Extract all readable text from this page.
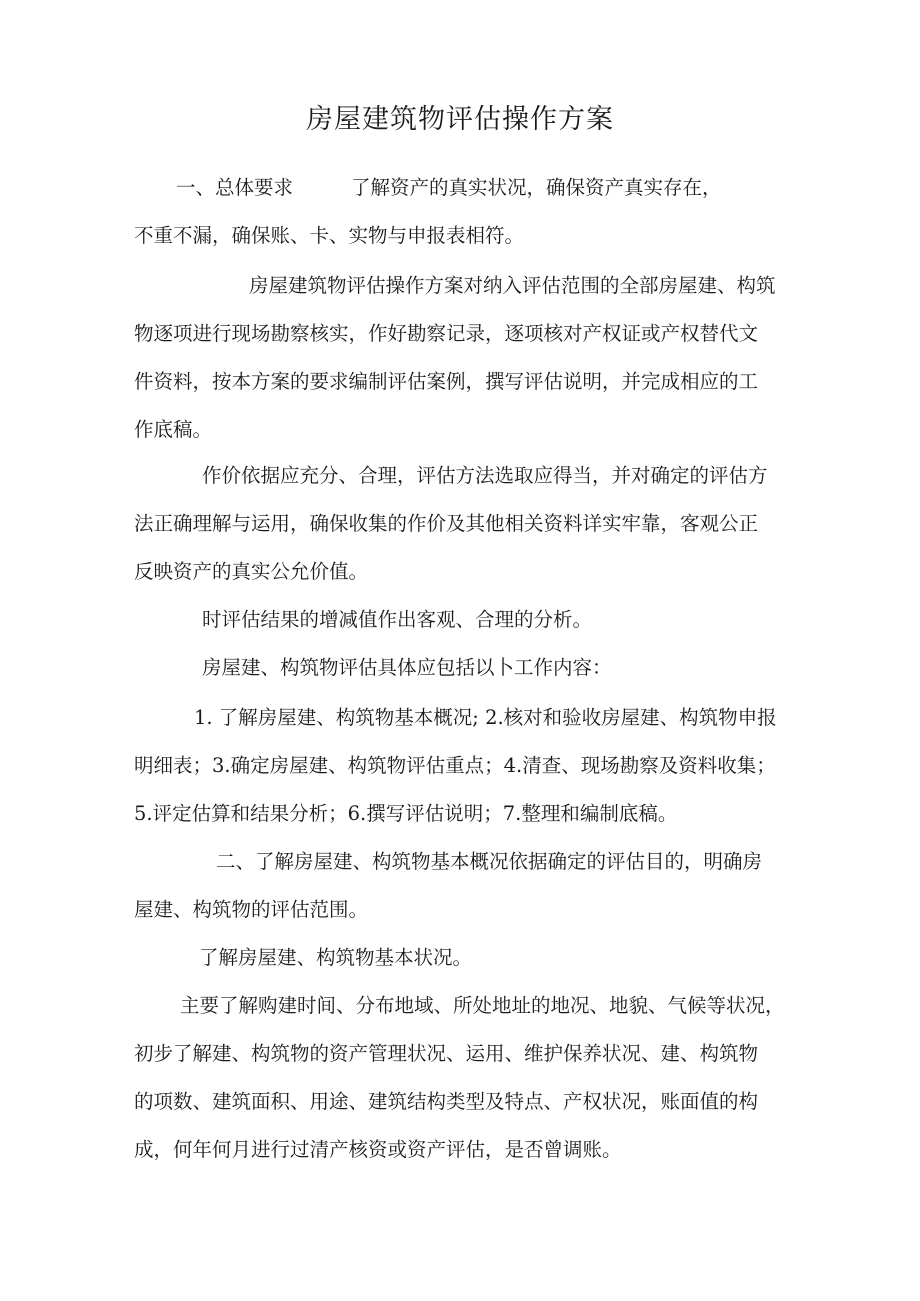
房屋建筑物评估操作方案
一、总体要求	了解资产的真实状况，确保资产真实存在，
不重不漏，确保账、卡、实物与申报表相符。
房屋建筑物评估操作方案对纳入评估范围的全部房屋建、构筑
物逐项进行现场勘察核实，作好勘察记录，逐项核对产权证或产权替代文
件资料，按本方案的要求编制评估案例，撰写评估说明，并完成相应的工
作底稿。
作价依据应充分、合理，评估方法选取应得当，并对确定的评估方
法正确理解与运用，确保收集的作价及其他相关资料详实牢靠，客观公正
反映资产的真实公允价值。
时评估结果的增减值作出客观、合理的分析。
房屋建、构筑物评估具体应包括以卜工作内容：
1. 了解房屋建、构筑物基本概况; 2.核对和验收房屋建、构筑物申报
明细表；3.确定房屋建、构筑物评估重点；4.清查、现场勘察及资料收集；
5.评定估算和结果分析；6.撰写评估说明；7.整理和编制底稿。
二、了解房屋建、构筑物基本概况依据确定的评估目的，明确房
屋建、构筑物的评估范围。
了解房屋建、构筑物基本状况。
主要了解购建时间、分布地域、所处地址的地况、地貌、气候等状况，
初步了解建、构筑物的资产管理状况、运用、维护保养状况、建、构筑物
的项数、建筑面积、用途、建筑结构类型及特点、产权状况，账面值的构
成，何年何月进行过清产核资或资产评估，是否曾调账。
